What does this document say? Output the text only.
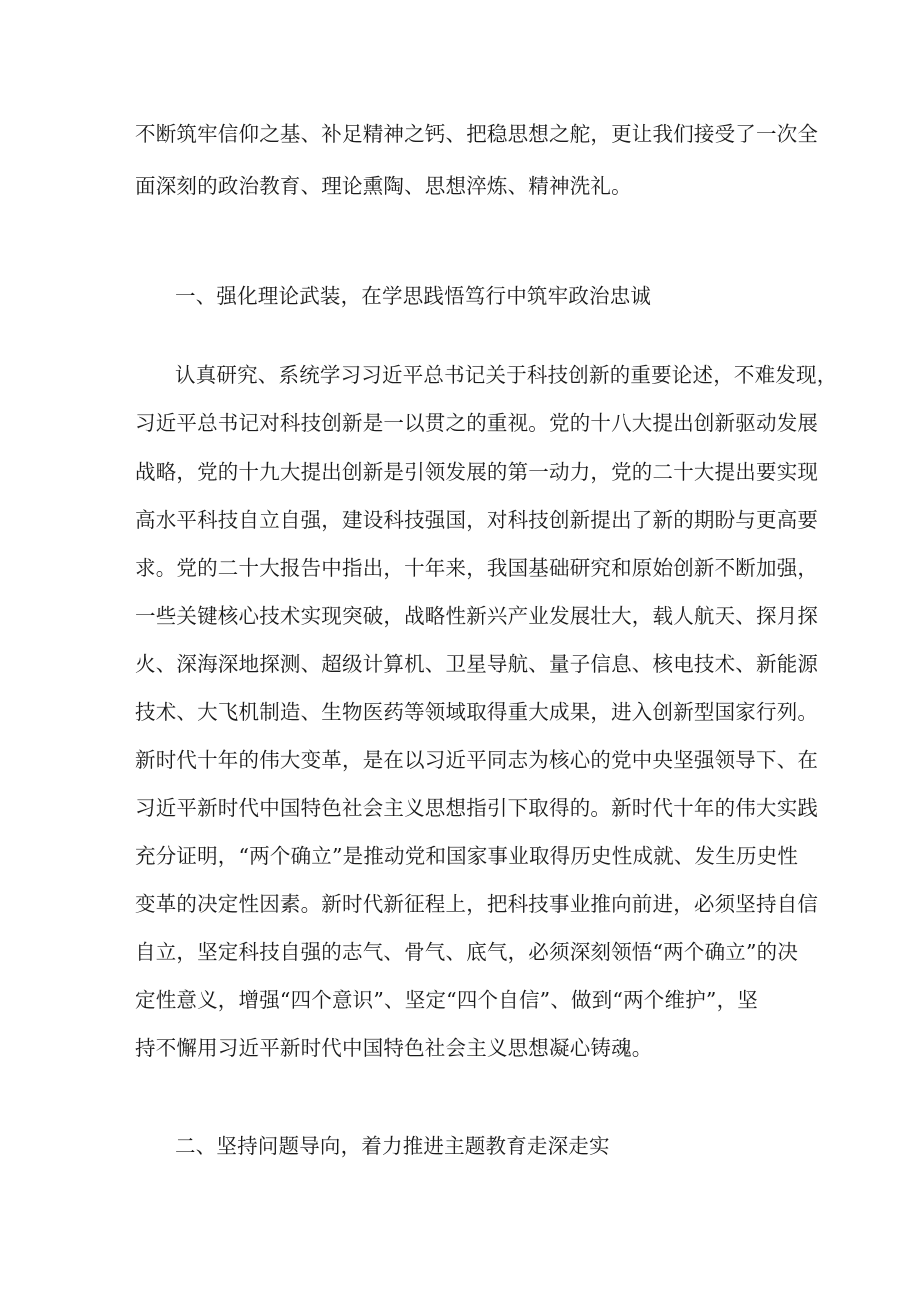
不断筑牢信仰之基、补足精神之钙、把稳思想之舵，更让我们接受了一次全
面深刻的政治教育、理论熏陶、思想淬炼、精神洗礼。
一、强化理论武装，在学思践悟笃行中筑牢政治忠诚
认真研究、系统学习习近平总书记关于科技创新的重要论述，不难发现，
习近平总书记对科技创新是一以贯之的重视。党的十八大提出创新驱动发展
战略，党的十九大提出创新是引领发展的第一动力，党的二十大提出要实现
高水平科技自立自强，建设科技强国，对科技创新提出了新的期盼与更高要
求。党的二十大报告中指出，十年来，我国基础研究和原始创新不断加强，
一些关键核心技术实现突破，战略性新兴产业发展壮大，载人航天、探月探
火、深海深地探测、超级计算机、卫星导航、量子信息、核电技术、新能源
技术、大飞机制造、生物医药等领域取得重大成果，进入创新型国家行列。
新时代十年的伟大变革，是在以习近平同志为核心的党中央坚强领导下、在
习近平新时代中国特色社会主义思想指引下取得的。新时代十年的伟大实践
充分证明，“两个确立”是推动党和国家事业取得历史性成就、发生历史性
变革的决定性因素。新时代新征程上，把科技事业推向前进，必须坚持自信
自立，坚定科技自强的志气、骨气、底气，必须深刻领悟“两个确立”的决
定性意义，增强“四个意识”、坚定“四个自信”、做到“两个维护”，坚
持不懈用习近平新时代中国特色社会主义思想凝心铸魂。
二、坚持问题导向，着力推进主题教育走深走实
